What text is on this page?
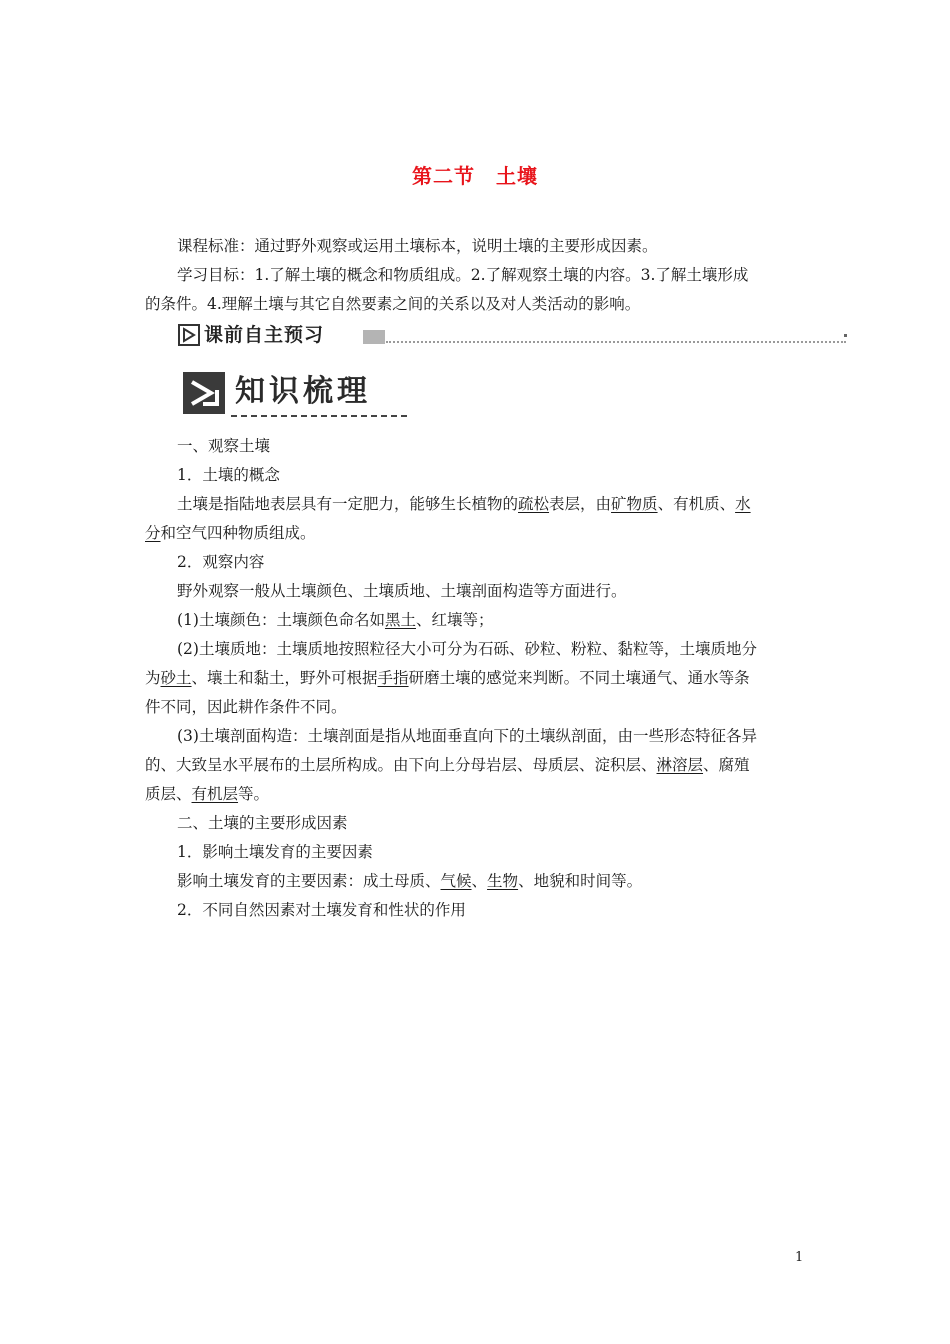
第二节　土壤

课程标准：通过野外观察或运用土壤标本，说明土壤的主要形成因素。

学习目标：1.了解土壤的概念和物质组成。2.了解观察土壤的内容。3.了解土壤形成

的条件。4.理解土壤与其它自然要素之间的关系以及对人类活动的影响。

课前自主预习
知识梳理

一、观察土壤

1．土壤的概念

土壤是指陆地表层具有一定肥力，能够生长植物的疏松表层，由矿物质、有机质、水

分和空气四种物质组成。

2．观察内容

野外观察一般从土壤颜色、土壤质地、土壤剖面构造等方面进行。

(1)土壤颜色：土壤颜色命名如黑土、红壤等；

(2)土壤质地：土壤质地按照粒径大小可分为石砾、砂粒、粉粒、黏粒等，土壤质地分

为砂土、壤土和黏土，野外可根据手指研磨土壤的感觉来判断。不同土壤通气、通水等条

件不同，因此耕作条件不同。

(3)土壤剖面构造：土壤剖面是指从地面垂直向下的土壤纵剖面，由一些形态特征各异

的、大致呈水平展布的土层所构成。由下向上分母岩层、母质层、淀积层、淋溶层、腐殖

质层、有机层等。

二、土壤的主要形成因素

1．影响土壤发育的主要因素

影响土壤发育的主要因素：成土母质、气候、生物、地貌和时间等。

2．不同自然因素对土壤发育和性状的作用

1
